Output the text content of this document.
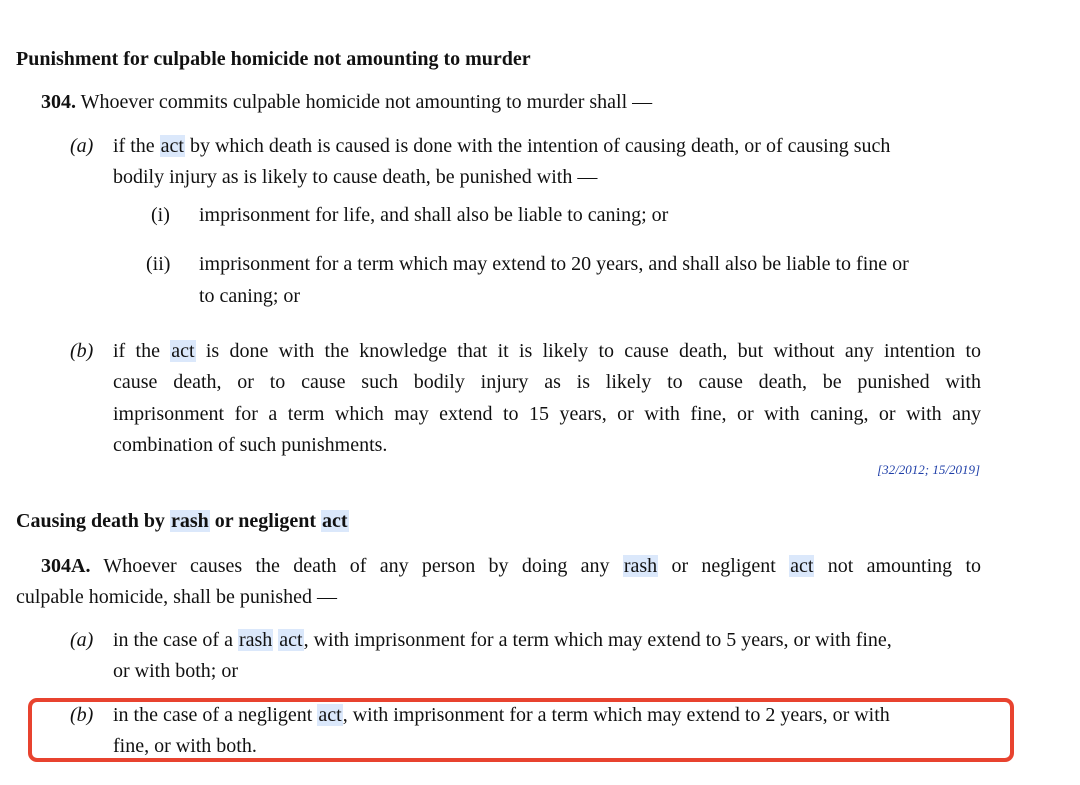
Punishment for culpable homicide not amounting to murder
304. Whoever commits culpable homicide not amounting to murder shall —
(a) if the act by which death is caused is done with the intention of causing death, or of causing such
bodily injury as is likely to cause death, be punished with —
(i) imprisonment for life, and shall also be liable to caning; or
(ii) imprisonment for a term which may extend to 20 years, and shall also be liable to fine or
to caning; or
(b) if the act is done with the knowledge that it is likely to cause death, but without any intention to
cause death, or to cause such bodily injury as is likely to cause death, be punished with
imprisonment for a term which may extend to 15 years, or with fine, or with caning, or with any
combination of such punishments.
[32/2012; 15/2019]
Causing death by rash or negligent act
304A. Whoever causes the death of any person by doing any rash or negligent act not amounting to
culpable homicide, shall be punished —
(a) in the case of a rash act, with imprisonment for a term which may extend to 5 years, or with fine,
or with both; or
(b) in the case of a negligent act, with imprisonment for a term which may extend to 2 years, or with
fine, or with both.
